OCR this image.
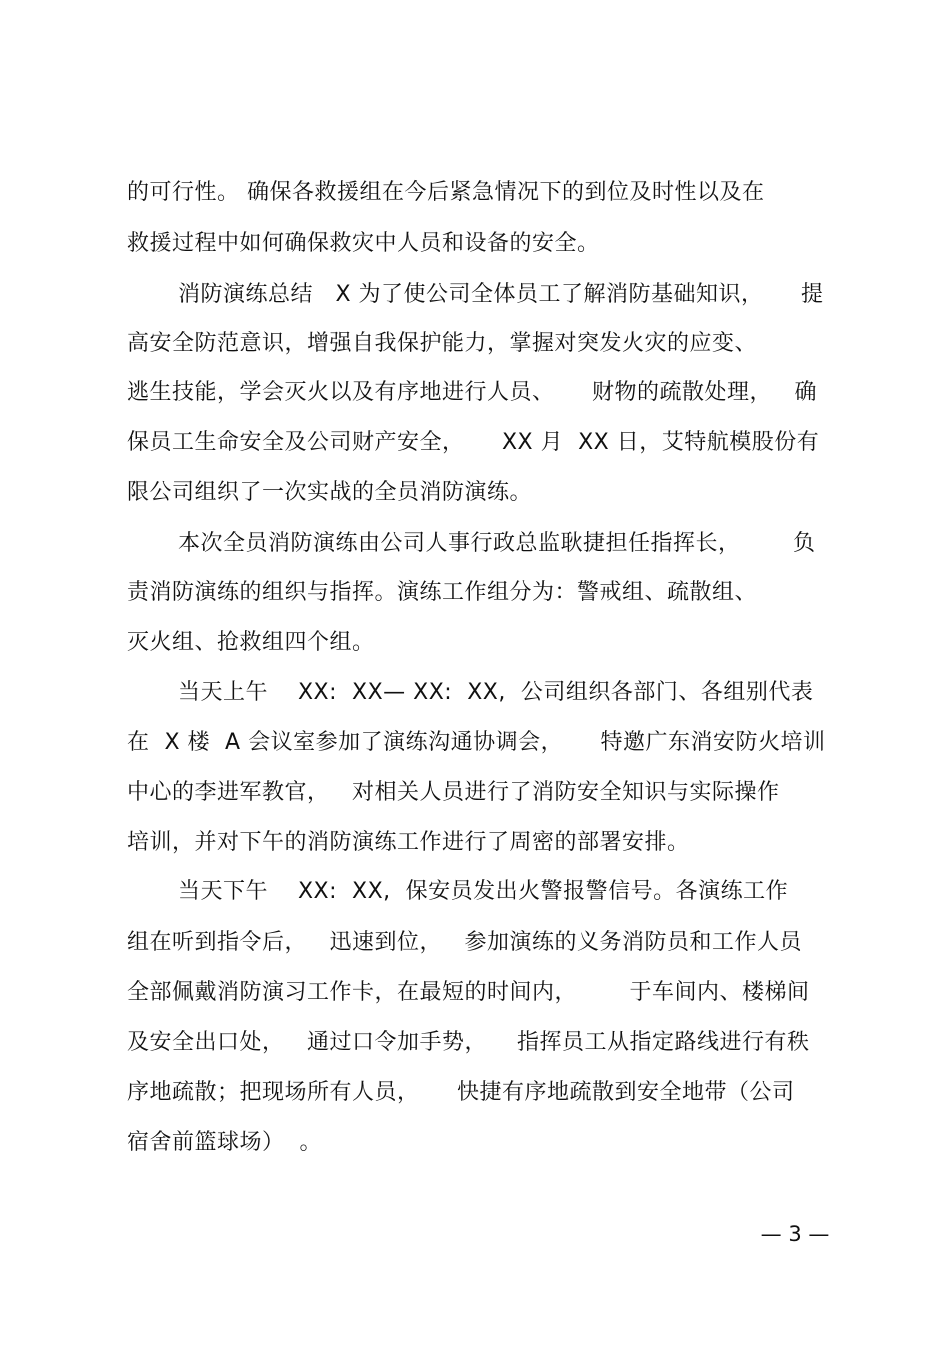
的可行性。 确保各救援组在今后紧急情况下的到位及时性以及在
救援过程中如何确保救灾中人员和设备的安全。
消防演练总结   X 为了使公司全体员工了解消防基础知识，     提
高安全防范意识，增强自我保护能力，掌握对突发火灾的应变、
逃生技能，学会灭火以及有序地进行人员、     财物的疏散处理，   确
保员工生命安全及公司财产安全，     XX 月  XX 日，艾特航模股份有
限公司组织了一次实战的全员消防演练。
本次全员消防演练由公司人事行政总监耿捷担任指挥长，       负
责消防演练的组织与指挥。演练工作组分为：警戒组、疏散组、
灭火组、抢救组四个组。
当天上午    XX:  XX— XX:  XX,  公司组织各部门、各组别代表
在  X 楼  A 会议室参加了演练沟通协调会，     特邀广东消安防火培训
中心的李进军教官，   对相关人员进行了消防安全知识与实际操作
培训，并对下午的消防演练工作进行了周密的部署安排。
当天下午    XX:  XX,  保安员发出火警报警信号。各演练工作
组在听到指令后，   迅速到位，   参加演练的义务消防员和工作人员
全部佩戴消防演习工作卡，在最短的时间内，       于车间内、楼梯间
及安全出口处，   通过口令加手势，    指挥员工从指定路线进行有秩
序地疏散；把现场所有人员，     快捷有序地疏散到安全地带（公司
宿舍前篮球场）  。
— 3 —
